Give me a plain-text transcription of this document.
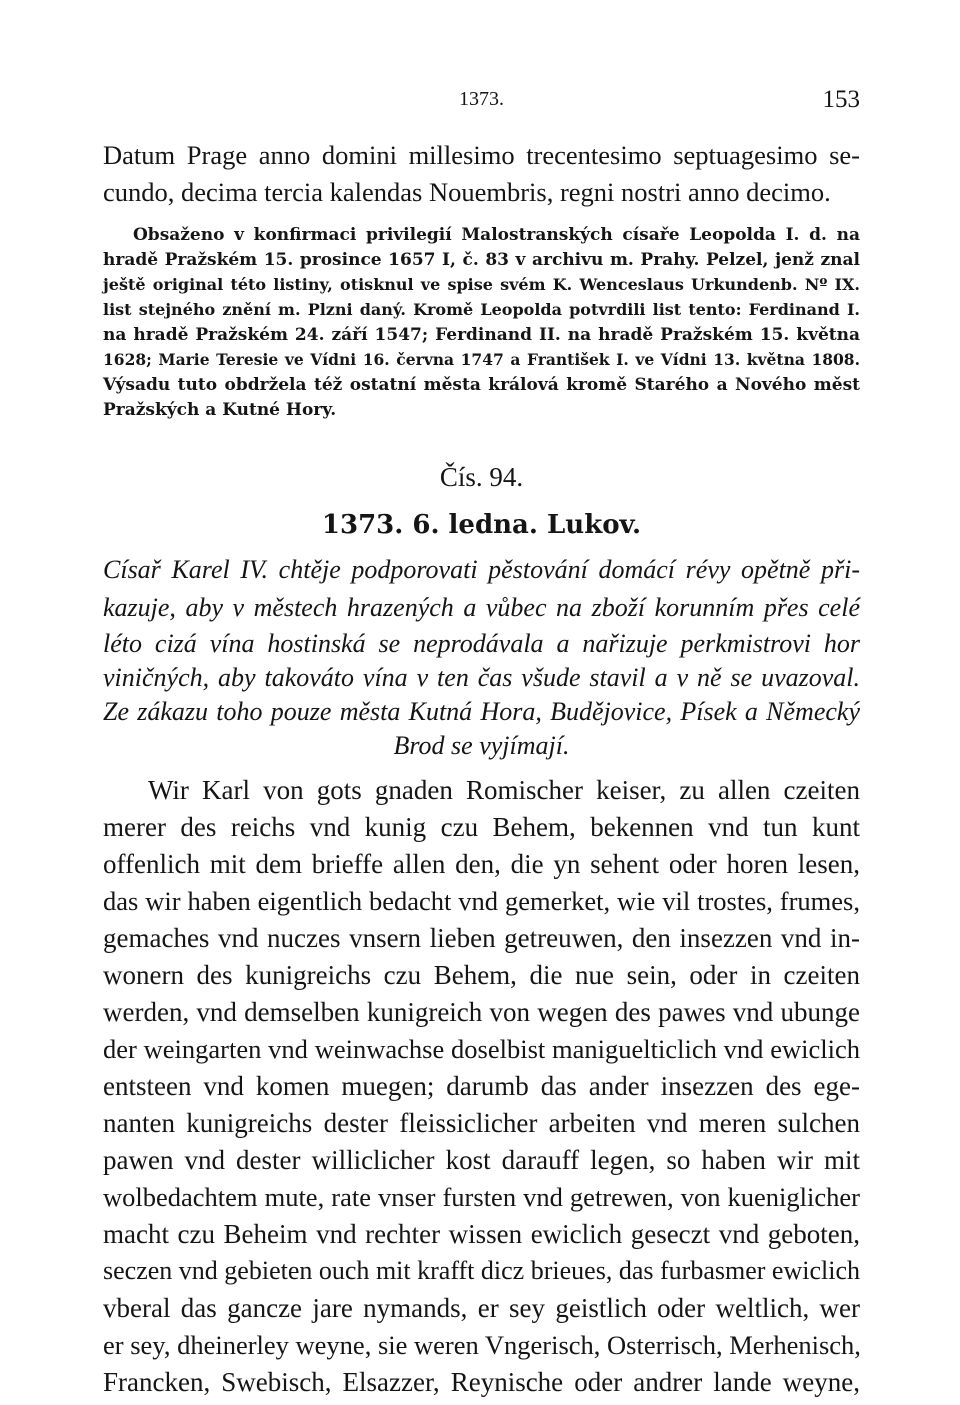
1373.	153
Datum Prage anno domini millesimo trecentesimo septuagesimo se-
cundo, decima tercia kalendas Nouembris, regni nostri anno decimo.
Obsaženo v konfirmaci privilegií Malostranských císaře Leopolda I. d. na
hradě Pražském 15. prosince 1657 I, č. 83 v archivu m. Prahy. Pelzel, jenž znal
ještě original této listiny, otisknul ve spise svém K. Wenceslaus Urkundenb. Nº IX.
list stejného znění m. Plzni daný. Kromě Leopolda potvrdili list tento: Ferdinand I.
na hradě Pražském 24. září 1547; Ferdinand II. na hradě Pražském 15. května
1628; Marie Teresie ve Vídni 16. června 1747 a František I. ve Vídni 13. května 1808.
Výsadu tuto obdržela též ostatní města králová kromě Starého a Nového měst
Pražských a Kutné Hory.
Čís. 94.
1373. 6. ledna. Lukov.
Císař Karel IV. chtěje podporovati pěstování domácí révy opětně při-
kazuje, aby v městech hrazených a vůbec na zboží korunním přes celé
léto cizá vína hostinská se neprodávala a nařizuje perkmistrovi hor
viničných, aby takováto vína v ten čas všude stavil a v ně se uvazoval.
Ze zákazu toho pouze města Kutná Hora, Budějovice, Písek a Německý
Brod se vyjímají.
Wir Karl von gots gnaden Romischer keiser, zu allen czeiten
merer des reichs vnd kunig czu Behem, bekennen vnd tun kunt
offenlich mit dem brieffe allen den, die yn sehent oder horen lesen,
das wir haben eigentlich bedacht vnd gemerket, wie vil trostes, frumes,
gemaches vnd nuczes vnsern lieben getreuwen, den insezzen vnd in-
wonern des kunigreichs czu Behem, die nue sein, oder in czeiten
werden, vnd demselben kunigreich von wegen des pawes vnd ubunge
der weingarten vnd weinwachse doselbist maniguelticlich vnd ewiclich
entsteen vnd komen muegen; darumb das ander insezzen des ege-
nanten kunigreichs dester fleissiclicher arbeiten vnd meren sulchen
pawen vnd dester williclicher kost darauff legen, so haben wir mit
wolbedachtem mute, rate vnser fursten vnd getrewen, von kueniglicher
macht czu Beheim vnd rechter wissen ewiclich geseczt vnd geboten,
seczen vnd gebieten ouch mit krafft dicz brieues, das furbasmer ewiclich
vberal das gancze jare nymands, er sey geistlich oder weltlich, wer
er sey, dheinerley weyne, sie weren Vngerisch, Osterrisch, Merhenisch,
Francken, Swebisch, Elsazzer, Reynische oder andrer lande weyne,
